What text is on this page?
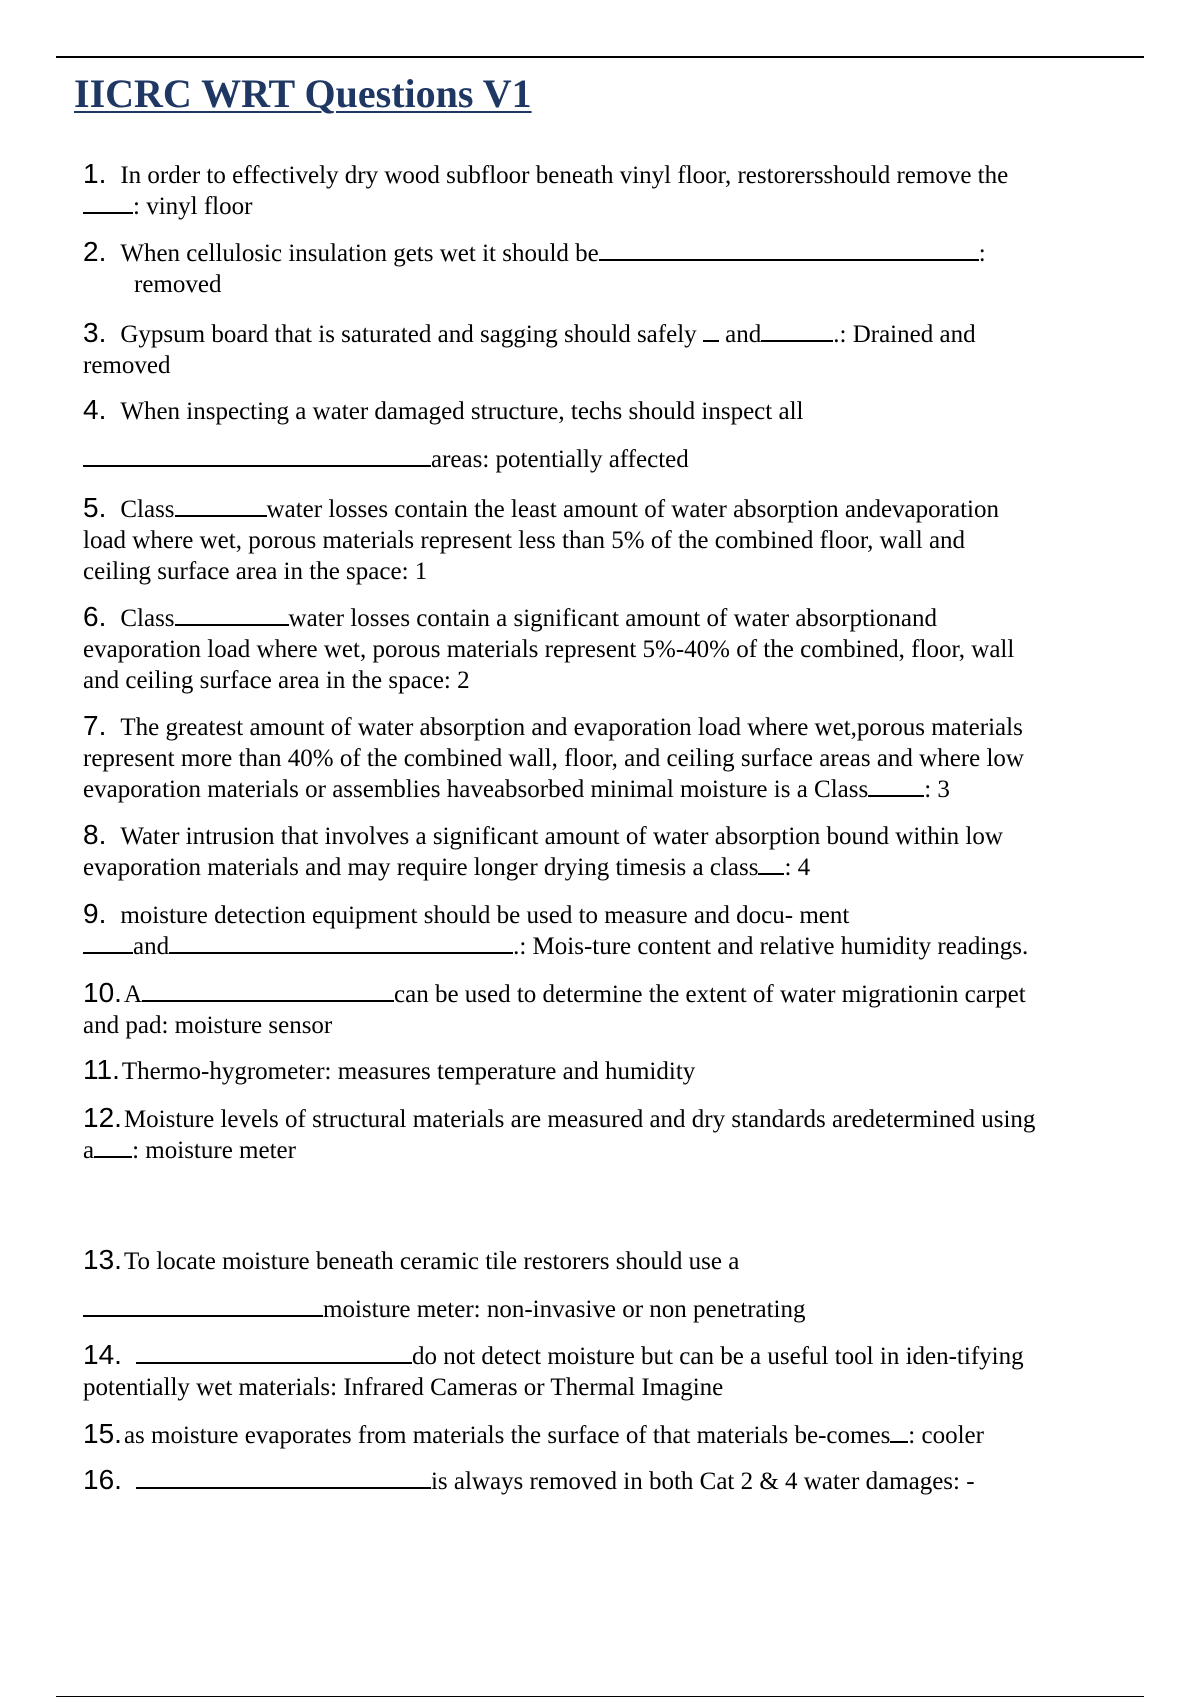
IICRC WRT Questions V1
1. In order to effectively dry wood subfloor beneath vinyl floor, restorersshould remove the
: vinyl floor
2. When cellulosic insulation gets wet it should be	:
removed
3. Gypsum board that is saturated and sagging should safely and	.: Drained and
removed
4. When inspecting a water damaged structure, techs should inspect all
areas: potentially affected
5. Class	water losses contain the least amount of water absorption andevaporation
load where wet, porous materials represent less than 5% of the combined floor, wall and
ceiling surface area in the space: 1
6. Class	water losses contain a significant amount of water absorptionand
evaporation load where wet, porous materials represent 5%-40% of the combined, floor, wall
and ceiling surface area in the space: 2
7. The greatest amount of water absorption and evaporation load where wet,porous materials
represent more than 40% of the combined wall, floor, and ceiling surface areas and where low
evaporation materials or assemblies haveabsorbed minimal moisture is a Class : 3
8. Water intrusion that involves a significant amount of water absorption bound within low
evaporation materials and may require longer drying timesis a class : 4
9. moisture detection equipment should be used to measure and docu- ment
and	.: Mois-ture content and relative humidity readings.
10.A	can be used to determine the extent of water migrationin carpet
and pad: moisture sensor
11.Thermo-hygrometer: measures temperature and humidity
12.Moisture levels of structural materials are measured and dry standards aredetermined using
a : moisture meter
13.To locate moisture beneath ceramic tile restorers should use a
moisture meter: non-invasive or non penetrating
14.	do not detect moisture but can be a useful tool in iden-tifying
potentially wet materials: Infrared Cameras or Thermal Imagine
15.as moisture evaporates from materials the surface of that materials be-comes : cooler
16.	is always removed in both Cat 2 & 4 water damages: -
